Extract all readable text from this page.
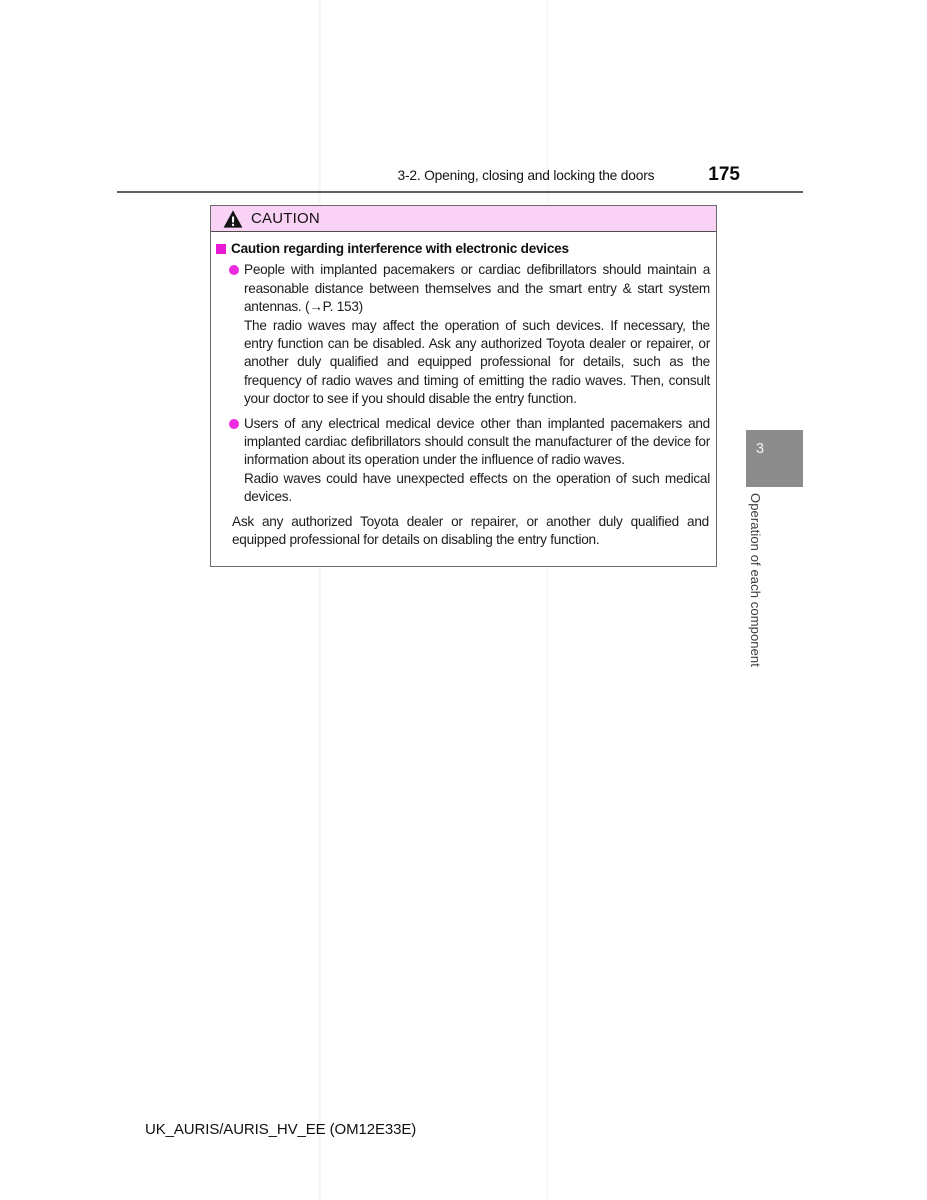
3-2. Opening, closing and locking the doors	175
CAUTION
Caution regarding interference with electronic devices

People with implanted pacemakers or cardiac defibrillators should maintain a reasonable distance between themselves and the smart entry & start system antennas. (→P. 153)

The radio waves may affect the operation of such devices. If necessary, the entry function can be disabled. Ask any authorized Toyota dealer or repairer, or another duly qualified and equipped professional for details, such as the frequency of radio waves and timing of emitting the radio waves. Then, consult your doctor to see if you should disable the entry function.

Users of any electrical medical device other than implanted pacemakers and implanted cardiac defibrillators should consult the manufacturer of the device for information about its operation under the influence of radio waves.

Radio waves could have unexpected effects on the operation of such medical devices.

Ask any authorized Toyota dealer or repairer, or another duly qualified and equipped professional for details on disabling the entry function.

3
Operation of each component
UK_AURIS/AURIS_HV_EE (OM12E33E)
